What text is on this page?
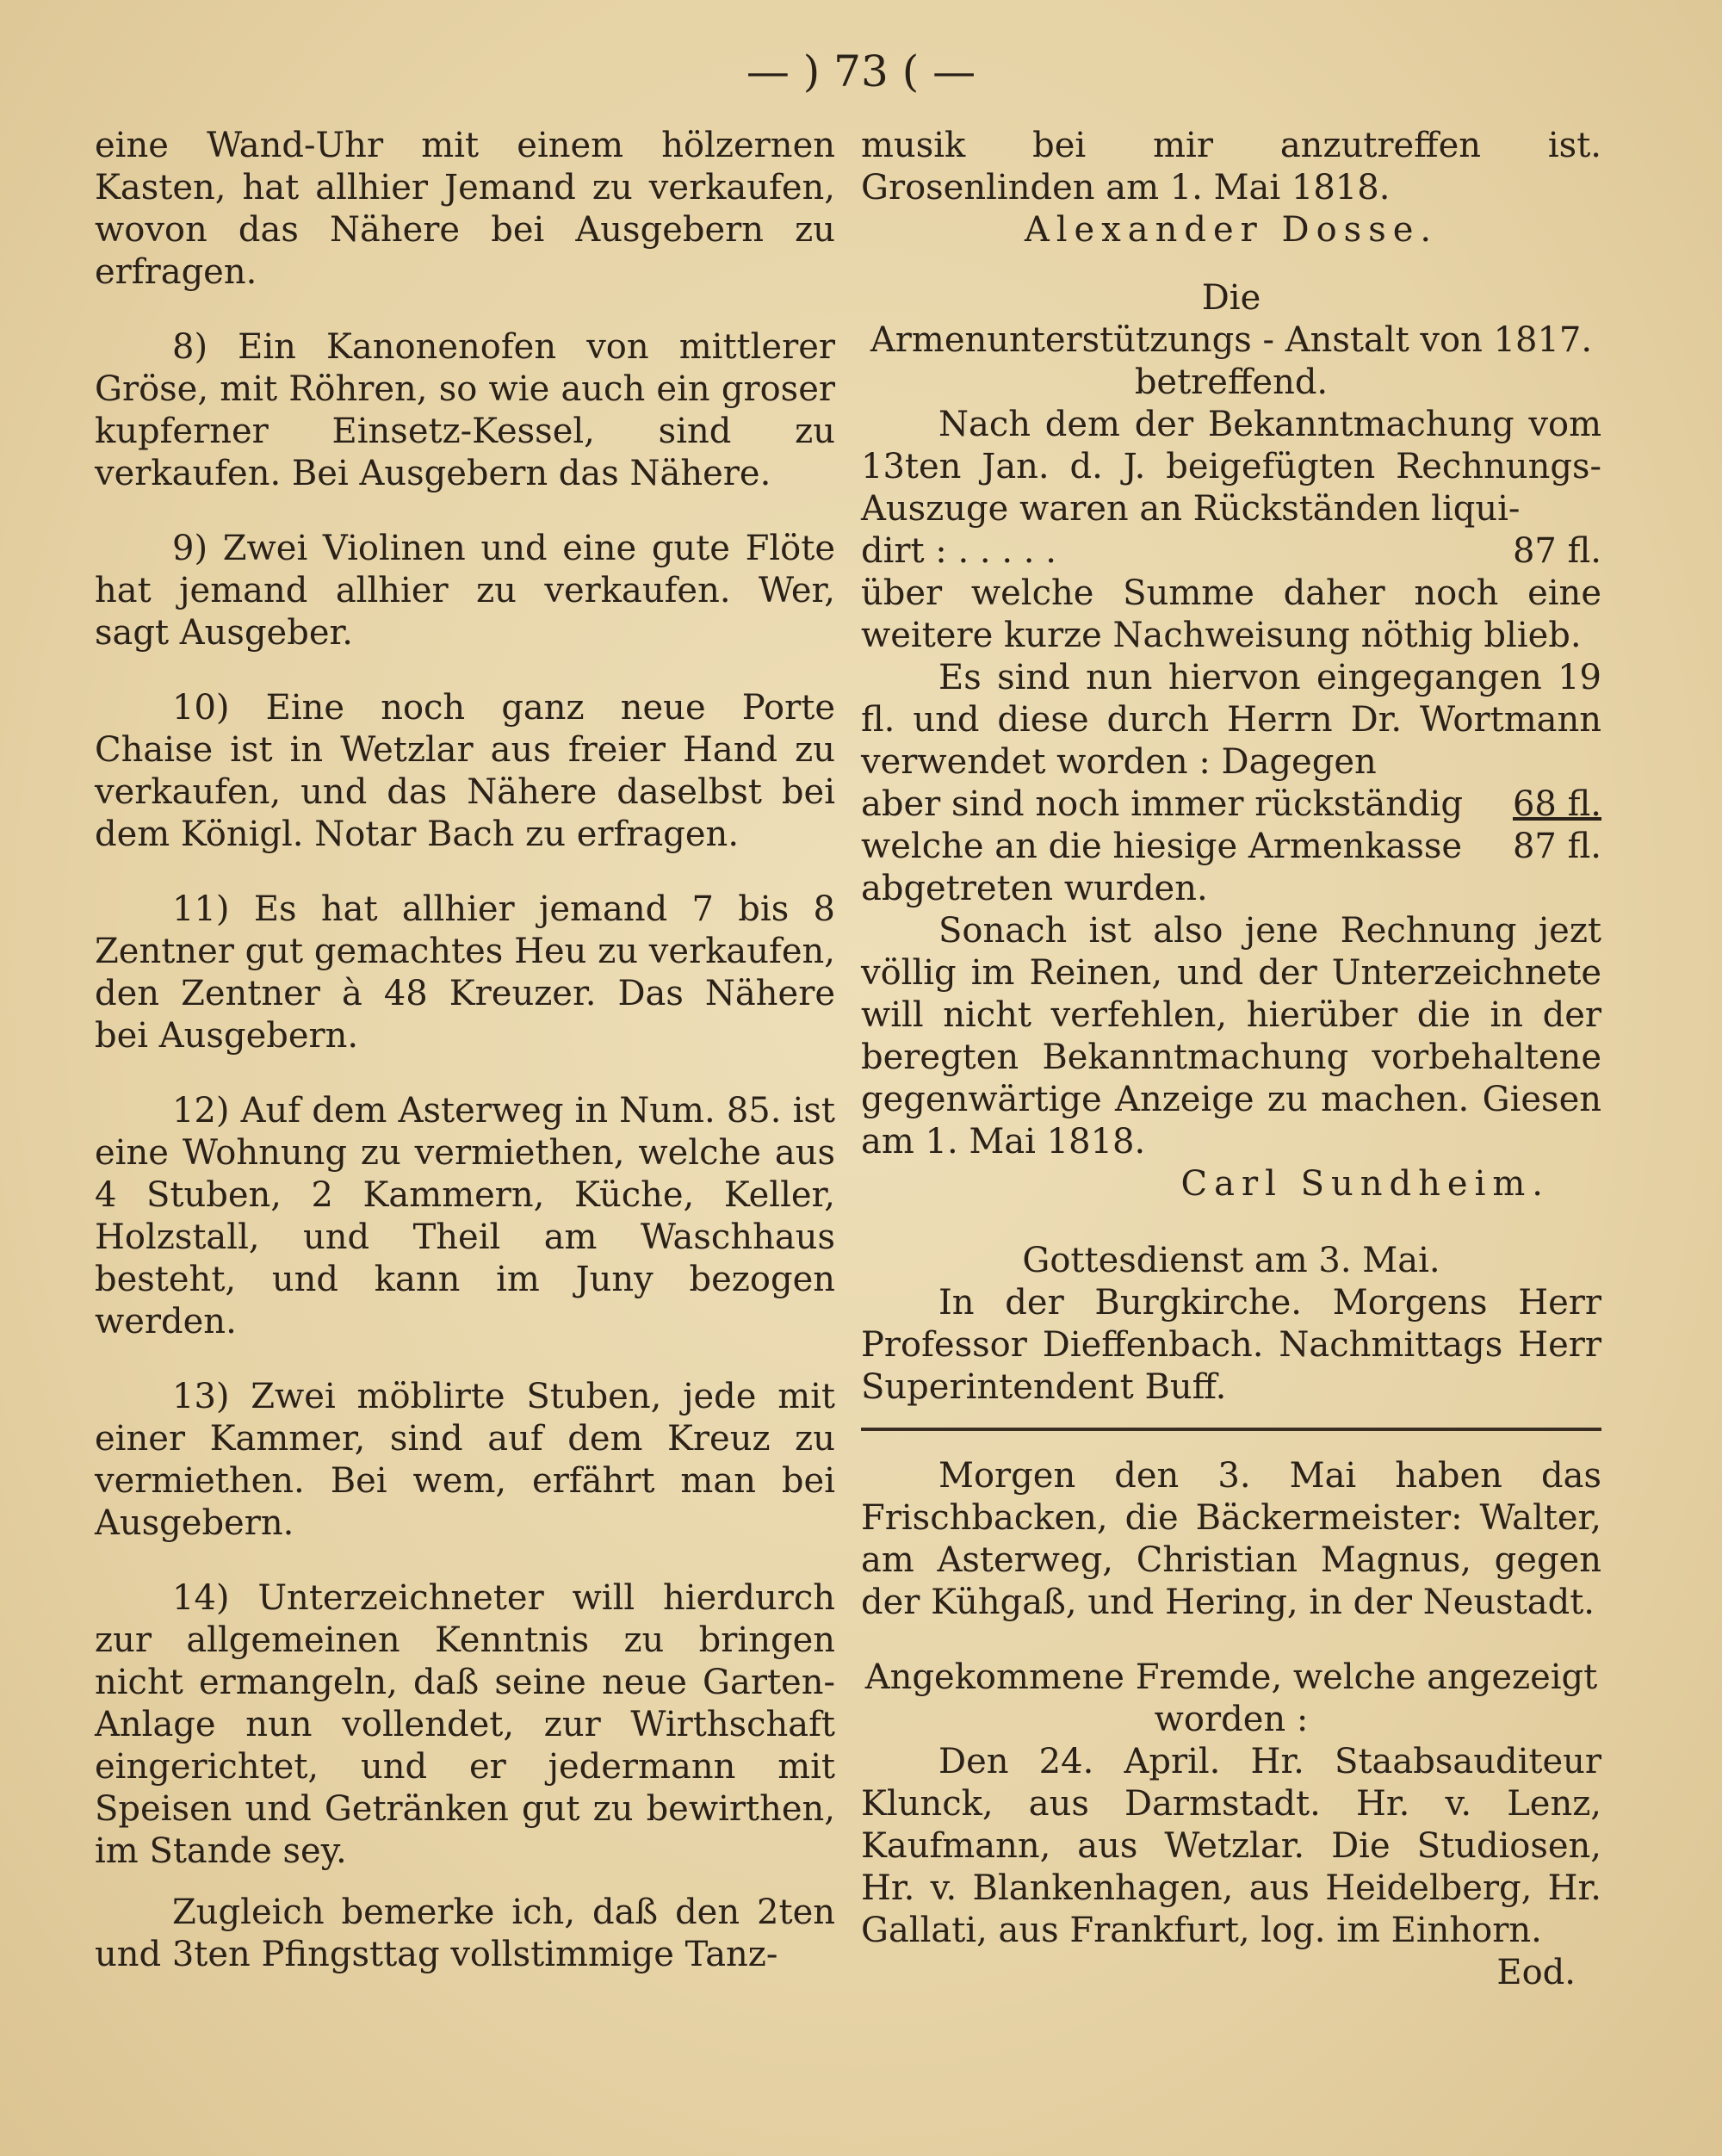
— ) 73 ( —

eine Wand-Uhr mit einem hölzernen Kasten, hat allhier Jemand zu verkaufen, wovon das Nähere bei Ausgebern zu erfragen.

8) Ein Kanonenofen von mittlerer Gröse, mit Röhren, so wie auch ein groser kupferner Einsetz-Kessel, sind zu verkaufen. Bei Ausgebern das Nähere.

9) Zwei Violinen und eine gute Flöte hat jemand allhier zu verkaufen. Wer, sagt Ausgeber.

10) Eine noch ganz neue Porte Chaise ist in Wetzlar aus freier Hand zu verkaufen, und das Nähere daselbst bei dem Königl. Notar Bach zu erfragen.

11) Es hat allhier jemand 7 bis 8 Zentner gut gemachtes Heu zu verkaufen, den Zentner à 48 Kreuzer. Das Nähere bei Ausgebern.

12) Auf dem Asterweg in Num. 85. ist eine Wohnung zu vermiethen, welche aus 4 Stuben, 2 Kammern, Küche, Keller, Holzstall, und Theil am Waschhaus besteht, und kann im Juny bezogen werden.

13) Zwei möblirte Stuben, jede mit einer Kammer, sind auf dem Kreuz zu vermiethen. Bei wem, erfährt man bei Ausgebern.

14) Unterzeichneter will hierdurch zur allgemeinen Kenntnis zu bringen nicht ermangeln, daß seine neue Garten-Anlage nun vollendet, zur Wirthschaft eingerichtet, und er jedermann mit Speisen und Getränken gut zu bewirthen, im Stande sey.

Zugleich bemerke ich, daß den 2ten und 3ten Pfingsttag vollstimmige Tanz-

musik bei mir anzutreffen ist. Grosenlinden am 1. Mai 1818.

Alexander Dosse.

Die

Armenunterstützungs - Anstalt von 1817. betreffend.

Nach dem der Bekanntmachung vom 13ten Jan. d. J. beigefügten Rechnungs-Auszuge waren an Rückständen liqui-

dirt : . . . . .	87 fl.

über welche Summe daher noch eine weitere kurze Nachweisung nöthig blieb.

Es sind nun hiervon eingegangen 19 fl. und diese durch Herrn Dr. Wortmann verwendet worden : Dagegen

aber sind noch immer rückständig 68 fl.
welche an die hiesige Armenkasse 87 fl.

abgetreten wurden.

Sonach ist also jene Rechnung jezt völlig im Reinen, und der Unterzeichnete will nicht verfehlen, hierüber die in der beregten Bekanntmachung vorbehaltene gegenwärtige Anzeige zu machen. Giesen am 1. Mai 1818.

Carl Sundheim.

Gottesdienst am 3. Mai.

In der Burgkirche. Morgens Herr Professor Dieffenbach. Nachmittags Herr Superintendent Buff.

Morgen den 3. Mai haben das Frischbacken, die Bäckermeister: Walter, am Asterweg, Christian Magnus, gegen der Kühgaß, und Hering, in der Neustadt.

Angekommene Fremde, welche angezeigt worden :

Den 24. April. Hr. Staabsauditeur Klunck, aus Darmstadt. Hr. v. Lenz, Kaufmann, aus Wetzlar. Die Studiosen, Hr. v. Blankenhagen, aus Heidelberg, Hr. Gallati, aus Frankfurt, log. im Einhorn.

Eod.
